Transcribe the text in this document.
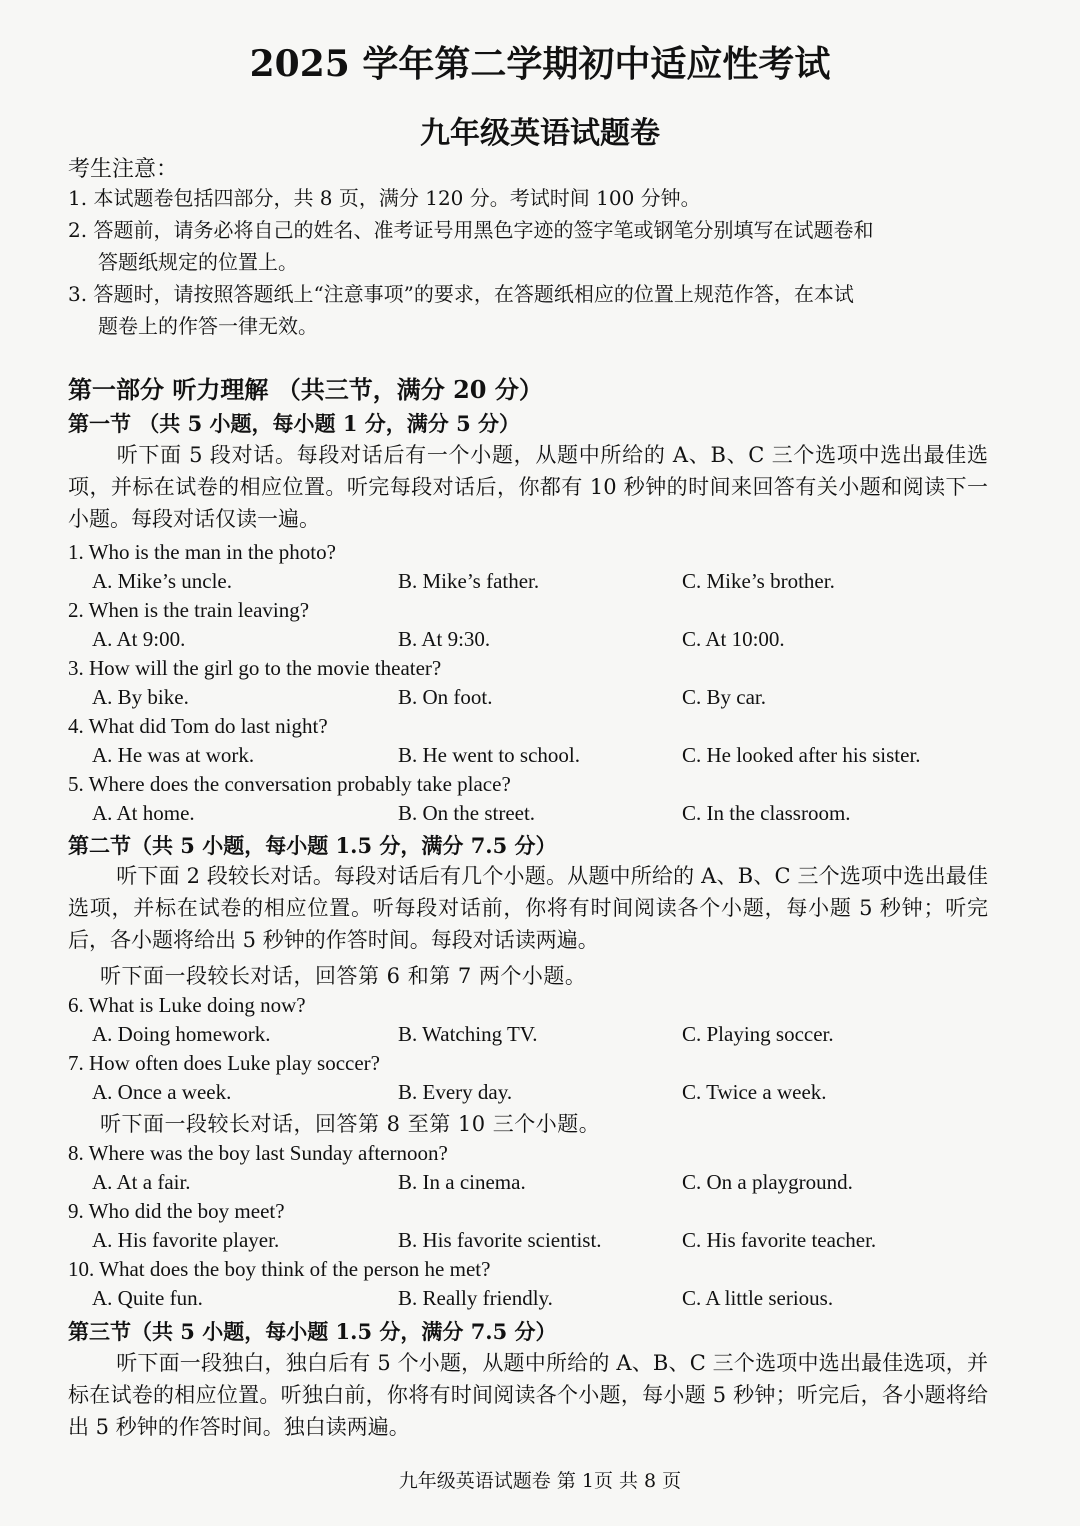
2025 学年第二学期初中适应性考试
九年级英语试题卷
考生注意：
1. 本试题卷包括四部分，共 8 页，满分 120 分。考试时间 100 分钟。
2. 答题前，请务必将自己的姓名、准考证号用黑色字迹的签字笔或钢笔分别填写在试题卷和
答题纸规定的位置上。
3. 答题时，请按照答题纸上“注意事项”的要求，在答题纸相应的位置上规范作答，在本试
题卷上的作答一律无效。
第一部分 听力理解 （共三节，满分 20 分）
第一节 （共 5 小题，每小题 1 分，满分 5 分）
听下面 5 段对话。每段对话后有一个小题，从题中所给的 A、B、C 三个选项中选出最佳选项，并标在试卷的相应位置。听完每段对话后，你都有 10 秒钟的时间来回答有关小题和阅读下一小题。每段对话仅读一遍。
1. Who is the man in the photo?
A. Mike’s uncle.	B. Mike’s father.	C. Mike’s brother.
2. When is the train leaving?
A. At 9:00.	B. At 9:30.	C. At 10:00.
3. How will the girl go to the movie theater?
A. By bike.	B. On foot.	C. By car.
4. What did Tom do last night?
A. He was at work.	B. He went to school.	C. He looked after his sister.
5. Where does the conversation probably take place?
A. At home.	B. On the street.	C. In the classroom.
第二节（共 5 小题，每小题 1.5 分，满分 7.5 分）
听下面 2 段较长对话。每段对话后有几个小题。从题中所给的 A、B、C 三个选项中选出最佳选项，并标在试卷的相应位置。听每段对话前，你将有时间阅读各个小题，每小题 5 秒钟；听完后，各小题将给出 5 秒钟的作答时间。每段对话读两遍。
听下面一段较长对话，回答第 6 和第 7 两个小题。
6. What is Luke doing now?
A. Doing homework.	B. Watching TV.	C. Playing soccer.
7. How often does Luke play soccer?
A. Once a week.	B. Every day.	C. Twice a week.
听下面一段较长对话，回答第 8 至第 10 三个小题。
8. Where was the boy last Sunday afternoon?
A. At a fair.	B. In a cinema.	C. On a playground.
9. Who did the boy meet?
A. His favorite player.	B. His favorite scientist.	C. His favorite teacher.
10. What does the boy think of the person he met?
A. Quite fun.	B. Really friendly.	C. A little serious.
第三节（共 5 小题，每小题 1.5 分，满分 7.5 分）
听下面一段独白，独白后有 5 个小题，从题中所给的 A、B、C 三个选项中选出最佳选项，并标在试卷的相应位置。听独白前，你将有时间阅读各个小题，每小题 5 秒钟；听完后，各小题将给出 5 秒钟的作答时间。独白读两遍。
九年级英语试题卷 第 1页 共 8 页
